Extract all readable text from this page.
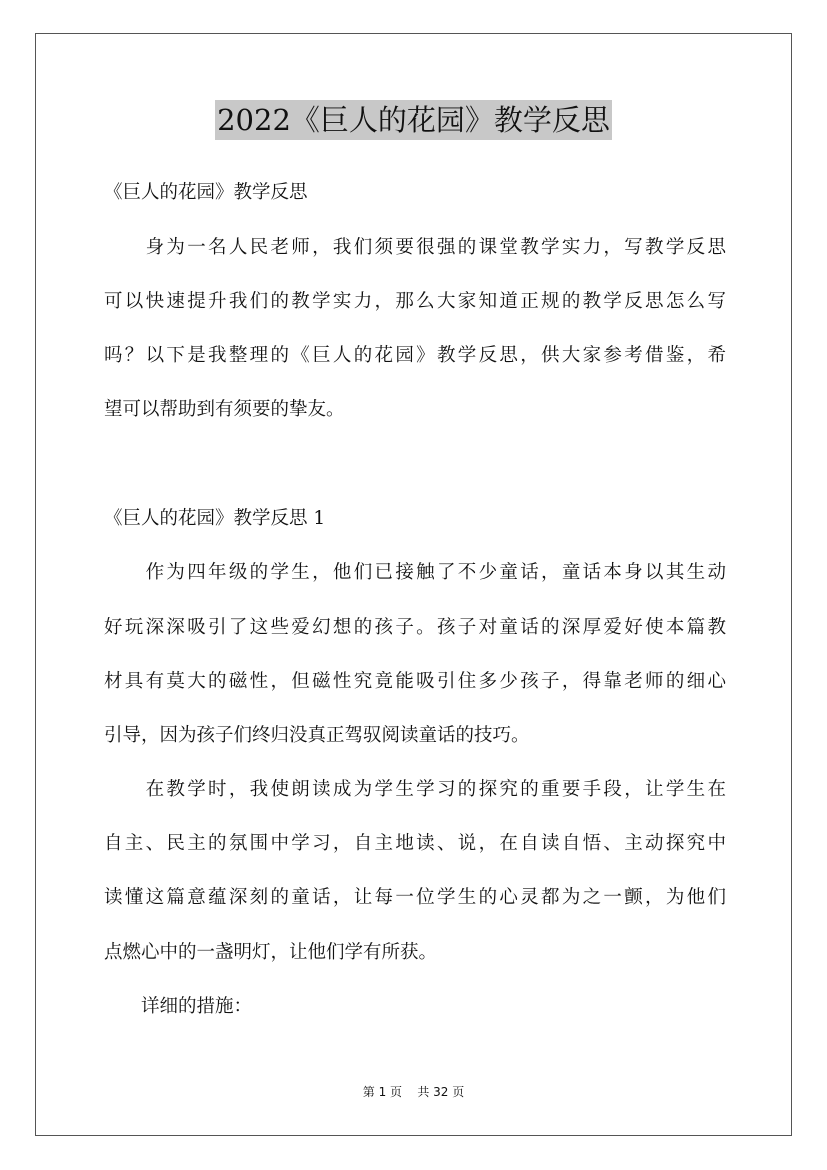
2022《巨人的花园》教学反思
《巨人的花园》教学反思
　　身为一名人民老师，我们须要很强的课堂教学实力，写教学反思
可以快速提升我们的教学实力，那么大家知道正规的教学反思怎么写
吗？以下是我整理的《巨人的花园》教学反思，供大家参考借鉴，希
望可以帮助到有须要的挚友。
《巨人的花园》教学反思 1
　　作为四年级的学生，他们已接触了不少童话，童话本身以其生动
好玩深深吸引了这些爱幻想的孩子。孩子对童话的深厚爱好使本篇教
材具有莫大的磁性，但磁性究竟能吸引住多少孩子，得靠老师的细心
引导，因为孩子们终归没真正驾驭阅读童话的技巧。
　　在教学时，我使朗读成为学生学习的探究的重要手段，让学生在
自主、民主的氛围中学习，自主地读、说，在自读自悟、主动探究中
读懂这篇意蕴深刻的童话，让每一位学生的心灵都为之一颤，为他们
点燃心中的一盏明灯，让他们学有所获。
　　详细的措施：
第 1 页 共 32 页
